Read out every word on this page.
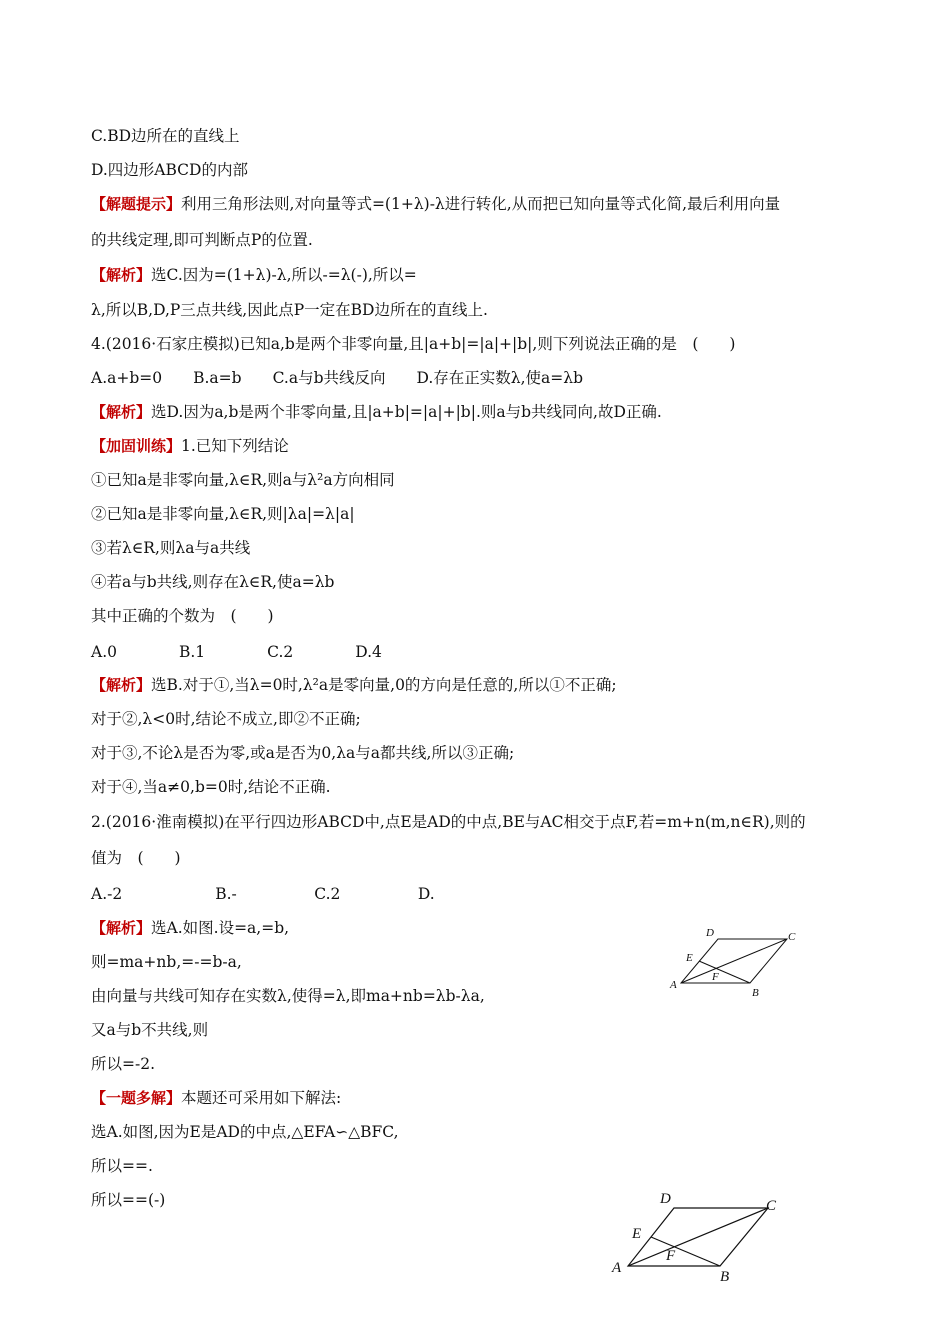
C.BD边所在的直线上
D.四边形ABCD的内部
【解题提示】利用三角形法则,对向量等式=(1+λ)-λ进行转化,从而把已知向量等式化简,最后利用向量
的共线定理,即可判断点P的位置.
【解析】选C.因为=(1+λ)-λ,所以-=λ(-),所以=
λ,所以B,D,P三点共线,因此点P一定在BD边所在的直线上.
4.(2016·石家庄模拟)已知a,b是两个非零向量,且|a+b|=|a|+|b|,则下列说法正确的是　(　　)
A.a+b=0　　B.a=b　　C.a与b共线反向　　D.存在正实数λ,使a=λb
【解析】选D.因为a,b是两个非零向量,且|a+b|=|a|+|b|.则a与b共线同向,故D正确.
【加固训练】1.已知下列结论
①已知a是非零向量,λ∈R,则a与λ²a方向相同
②已知a是非零向量,λ∈R,则|λa|=λ|a|
③若λ∈R,则λa与a共线
④若a与b共线,则存在λ∈R,使a=λb
其中正确的个数为　(　　)
A.0　　　　B.1　　　　C.2　　　　D.4
【解析】选B.对于①,当λ=0时,λ²a是零向量,0的方向是任意的,所以①不正确;
对于②,λ<0时,结论不成立,即②不正确;
对于③,不论λ是否为零,或a是否为0,λa与a都共线,所以③正确;
对于④,当a≠0,b=0时,结论不正确.
2.(2016·淮南模拟)在平行四边形ABCD中,点E是AD的中点,BE与AC相交于点F,若=m+n(m,n∈R),则的
值为　(　　)
A.-2　　　　　　B.-　　　　　C.2　　　　　D.
【解析】选A.如图.设=a,=b,
则=ma+nb,=-=b-a,
由向量与共线可知存在实数λ,使得=λ,即ma+nb=λb-λa,
又a与b不共线,则
所以=-2.
【一题多解】本题还可采用如下解法:
选A.如图,因为E是AD的中点,△EFA∽△BFC,
所以==.
所以==(-)
A
B
C
D
E
F
A
B
C
D
E
F
